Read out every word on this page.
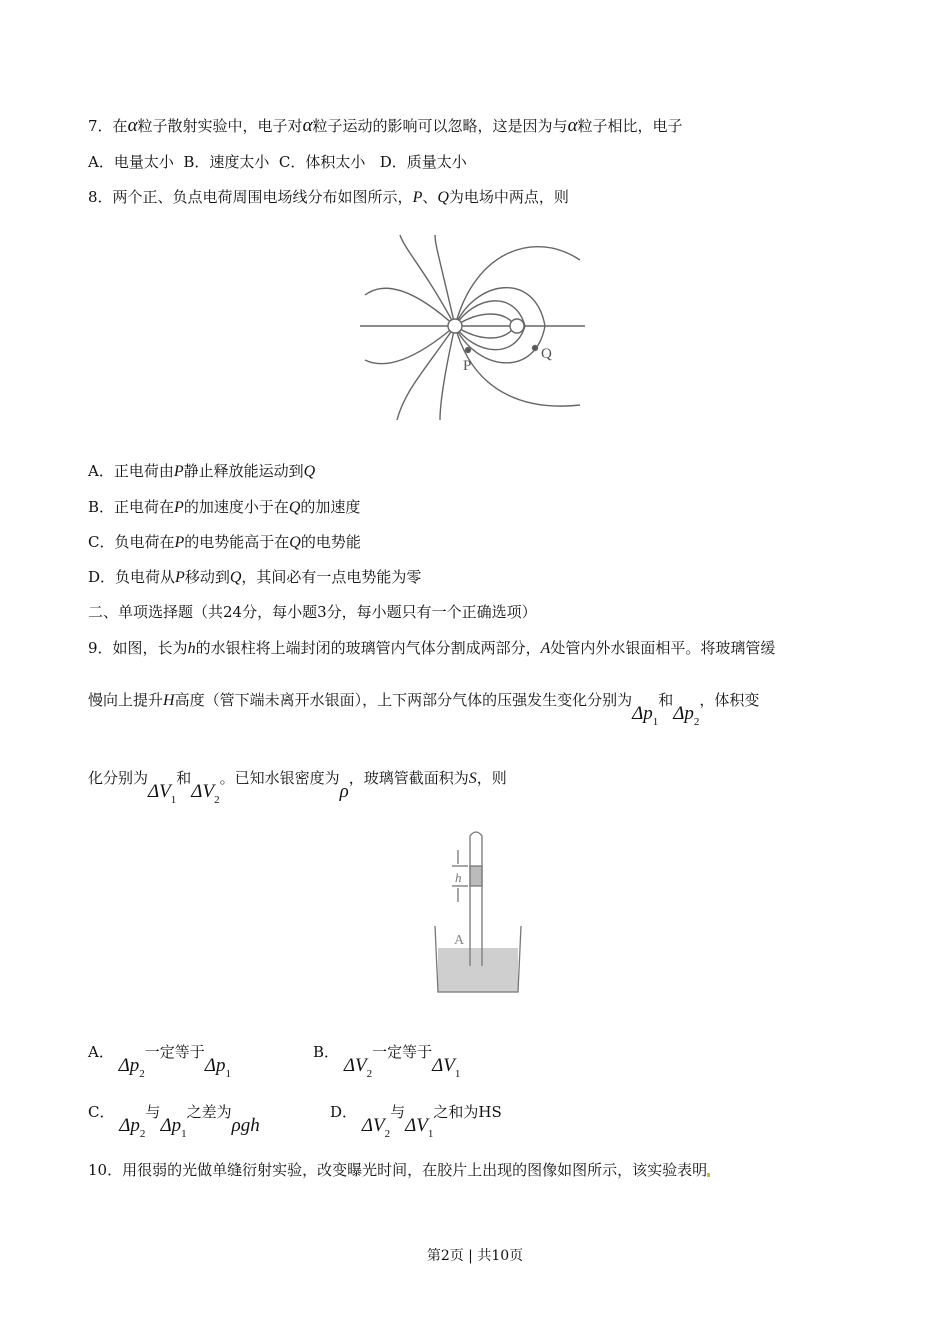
7．在α粒子散射实验中，电子对α粒子运动的影响可以忽略，这是因为与α粒子相比，电子
A．电量太小  B．速度太小  C．体积太小   D．质量太小
8．两个正、负点电荷周围电场线分布如图所示，P、Q为电场中两点，则
P
Q
A．正电荷由P静止释放能运动到Q
B．正电荷在P的加速度小于在Q的加速度
C．负电荷在P的电势能高于在Q的电势能
D．负电荷从P移动到Q，其间必有一点电势能为零
二、单项选择题（共24分，每小题3分，每小题只有一个正确选项）
9．如图，长为h的水银柱将上端封闭的玻璃管内气体分割成两部分，A处管内外水银面相平。将玻璃管缓
慢向上提升H高度（管下端未离开水银面），上下两部分气体的压强发生变化分别为$\Delta p_1$和$\Delta p_2$，体积变
化分别为$\Delta V_1$和$\Delta V_2$。已知水银密度为ρ，玻璃管截面积为S，则
h
A
A． $\Delta p_2$一定等于$\Delta p_1$
B． $\Delta V_2$一定等于$\Delta V_1$
C． $\Delta p_2$与$\Delta p_1$之差为ρgh
D． $\Delta V_2$与$\Delta V_1$之和为HS
10．用很弱的光做单缝衍射实验，改变曝光时间，在胶片上出现的图像如图所示，该实验表明
第2页 | 共10页
